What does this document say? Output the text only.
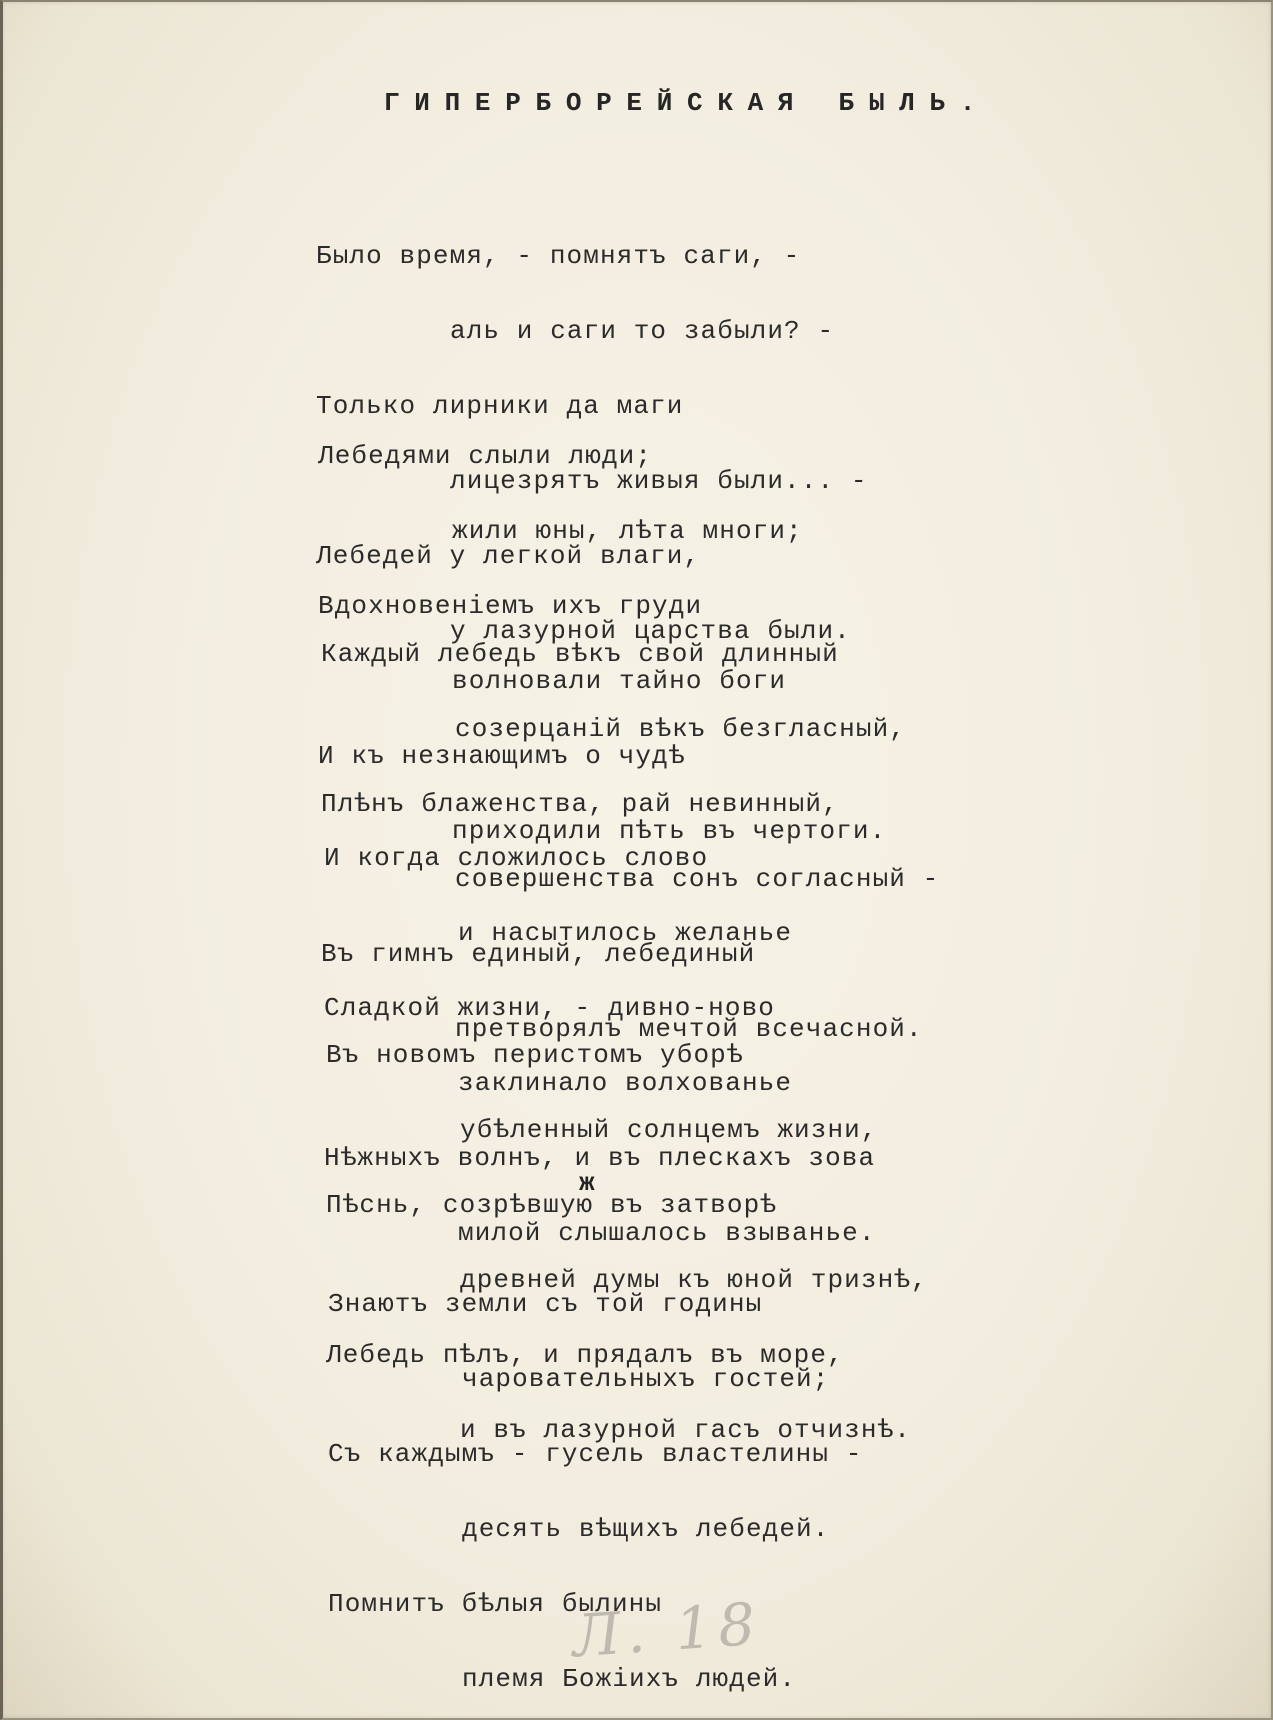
ГИПЕРБОРЕЙСКАЯ БЫЛЬ.

Было время, - помнятъ саги, -

аль и саги то забыли? -

Только лирники да маги

лицезрятъ живыя были... -

Лебедей у легкой влаги,

у лазурной царства были.

Лебедями слыли люди;

жили юны, лѣта многи;

Вдохновенiемъ ихъ груди

волновали тайно боги

И къ незнающимъ о чудѣ

приходили пѣть въ чертоги.

Каждый лебедь вѣкъ свой длинный

созерцанiй вѣкъ безгласный,

Плѣнъ блаженства, рай невинный,

совершенства сонъ согласный -

Въ гимнъ единый, лебединый

претворялъ мечтой всечасной.

И когда сложилось слово

и насытилось желанье

Сладкой жизни, - дивно-ново

заклинало волхованье

Нѣжныхъ волнъ, и въ плескахъ зова

милой слышалось взыванье.

Въ новомъ перистомъ уборѣ

убѣленный солнцемъ жизни,

Пѣснь, созрѣвшую въ затворѣ

древней думы къ юной тризнѣ,

Лебедь пѣлъ, и прядалъ въ море,

и въ лазурной гасъ отчизнѣ.

ж

Знаютъ земли съ той годины

чаровательныхъ гостей;

Съ каждымъ - гусель властелины -

десять вѣщихъ лебедей.

Помнитъ бѣлыя былины

племя Божiихъ людей.

Л. 18
